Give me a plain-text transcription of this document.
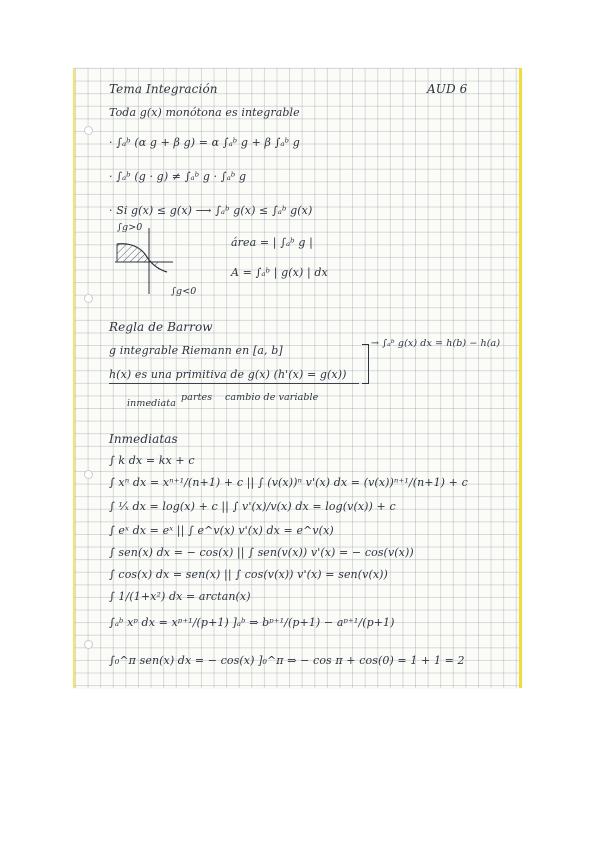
Tema Integración	AUD 6
Toda g(x) monótona es integrable
· ∫ₐᵇ (α g + β g) = α ∫ₐᵇ g + β ∫ₐᵇ g
· ∫ₐᵇ (g · g) ≠ ∫ₐᵇ g · ∫ₐᵇ g
· Si g(x) ≤ g(x) ⟶ ∫ₐᵇ g(x) ≤ ∫ₐᵇ g(x)
∫g>0
∫g<0
área = | ∫ₐᵇ g |
A = ∫ₐᵇ | g(x) | dx
Regla de Barrow
g integrable Riemann en [a, b]
h(x) es una primitiva de g(x) (h'(x) = g(x))
→ ∫ₐᵇ g(x) dx = h(b) − h(a)
inmediata
partes cambio de variable
Inmediatas
∫ k dx = kx + c
∫ xⁿ dx = xⁿ⁺¹/(n+1) + c || ∫ (v(x))ⁿ v'(x) dx = (v(x))ⁿ⁺¹/(n+1) + c
∫ ¹⁄ₓ dx = log(x) + c || ∫ v'(x)/v(x) dx = log(v(x)) + c
∫ eˣ dx = eˣ || ∫ e^v(x) v'(x) dx = e^v(x)
∫ sen(x) dx = − cos(x) || ∫ sen(v(x)) v'(x) = − cos(v(x))
∫ cos(x) dx = sen(x) || ∫ cos(v(x)) v'(x) = sen(v(x))
∫ 1/(1+x²) dx = arctan(x)
∫ₐᵇ xᵖ dx = xᵖ⁺¹/(p+1) ]ₐᵇ ⇒ bᵖ⁺¹/(p+1) − aᵖ⁺¹/(p+1)
∫₀^π sen(x) dx = − cos(x) ]₀^π ⇒ − cos π + cos(0) = 1 + 1 = 2
